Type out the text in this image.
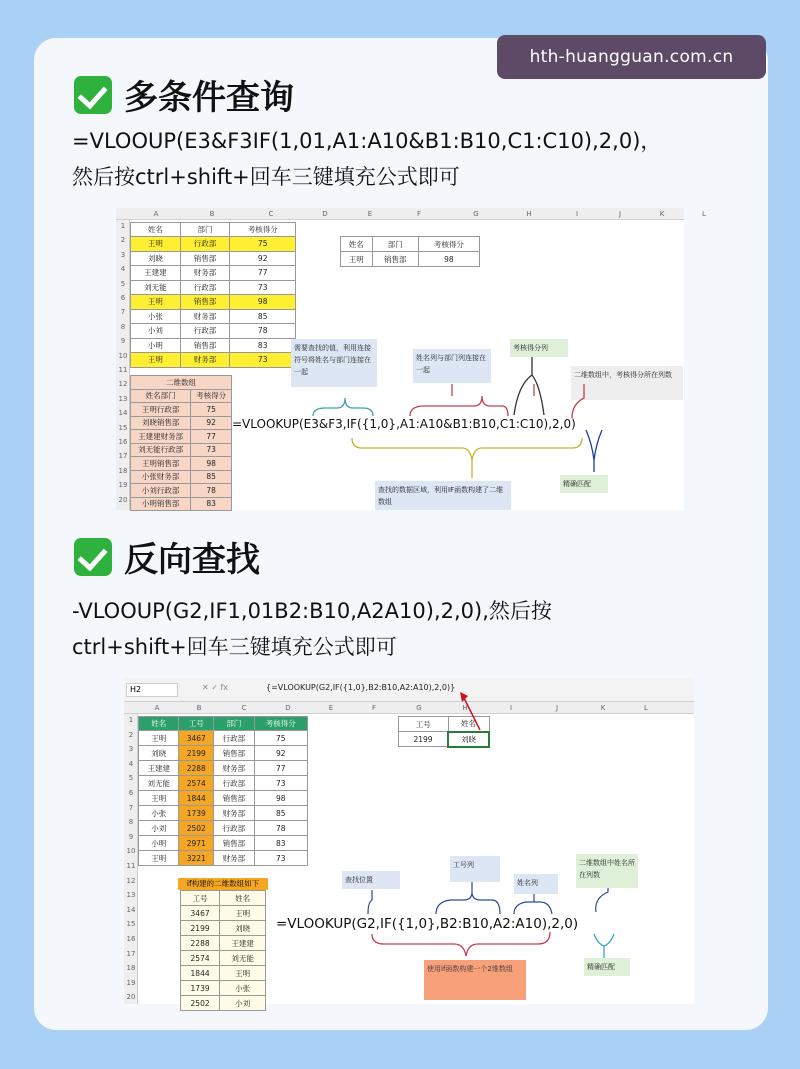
hth-huangguan.com.cn
多条件查询
=VLOOUP(E3&F3IF(1,01,A1:A10&B1:B10,C1:C10),2,0)，
然后按ctrl+shift+回车三键填充公式即可
A	B	C	D	E	F	G	H	I	J	K	L
1
2
3
4
5
6
7
8
9
10
11
12
13
14
15
16
17
18
19
20
姓名	部门	考核得分
王明	行政部	75
刘晓	销售部	92
王建建	财务部	77
刘无能	行政部	73
王明	销售部	98
小张	财务部	85
小刘	行政部	78
小明	销售部	83
王明	财务部	73
姓名	部门	考核得分
王明	销售部	98
二维数组	
姓名部门	考核得分
王明行政部	75
刘晓销售部	92
王建建财务部	77
刘无能行政部	73
王明销售部	98
小张财务部	85
小刘行政部	78
小明销售部	83
需要查找的值，利用连接符号将姓名与部门连接在一起
姓名列与部门列连接在一起
考核得分列
二维数组中，考核得分所在列数
查找的数据区域，利用IF函数构建了二维数组
精确匹配
=VLOOKUP(E3&F3,IF({1,0},A1:A10&B1:B10,C1:C10),2,0)
反向查找
-VLOOUP(G2,IF1,01B2:B10,A2A10),2,0),然后按
ctrl+shift+回车三键填充公式即可
H2	✕ ✓ fx	{=VLOOKUP(G2,IF({1,0},B2:B10,A2:A10),2,0)}
A	B	C	D	E	F	G	H	I	J	K	L
1
2
3
4
5
6
7
8
9
10
11
12
13
14
15
16
17
18
19
20
姓名	工号	部门	考核得分
王明	3467	行政部	75
刘晓	2199	销售部	92
王建建	2288	财务部	77
刘无能	2574	行政部	73
王明	1844	销售部	98
小张	1739	财务部	85
小刘	2502	行政部	78
小明	2971	销售部	83
王明	3221	财务部	73
工号	姓名
2199	刘晓
if构建的二维数组如下
工号	姓名
3467	王明
2199	刘晓
2288	王建建
2574	刘无能
1844	王明
1739	小张
2502	小刘
查找位置
工号列
姓名列
二维数组中姓名所在列数
使用if函数构建一个2维数组	精确匹配
=VLOOKUP(G2,IF({1,0},B2:B10,A2:A10),2,0)
